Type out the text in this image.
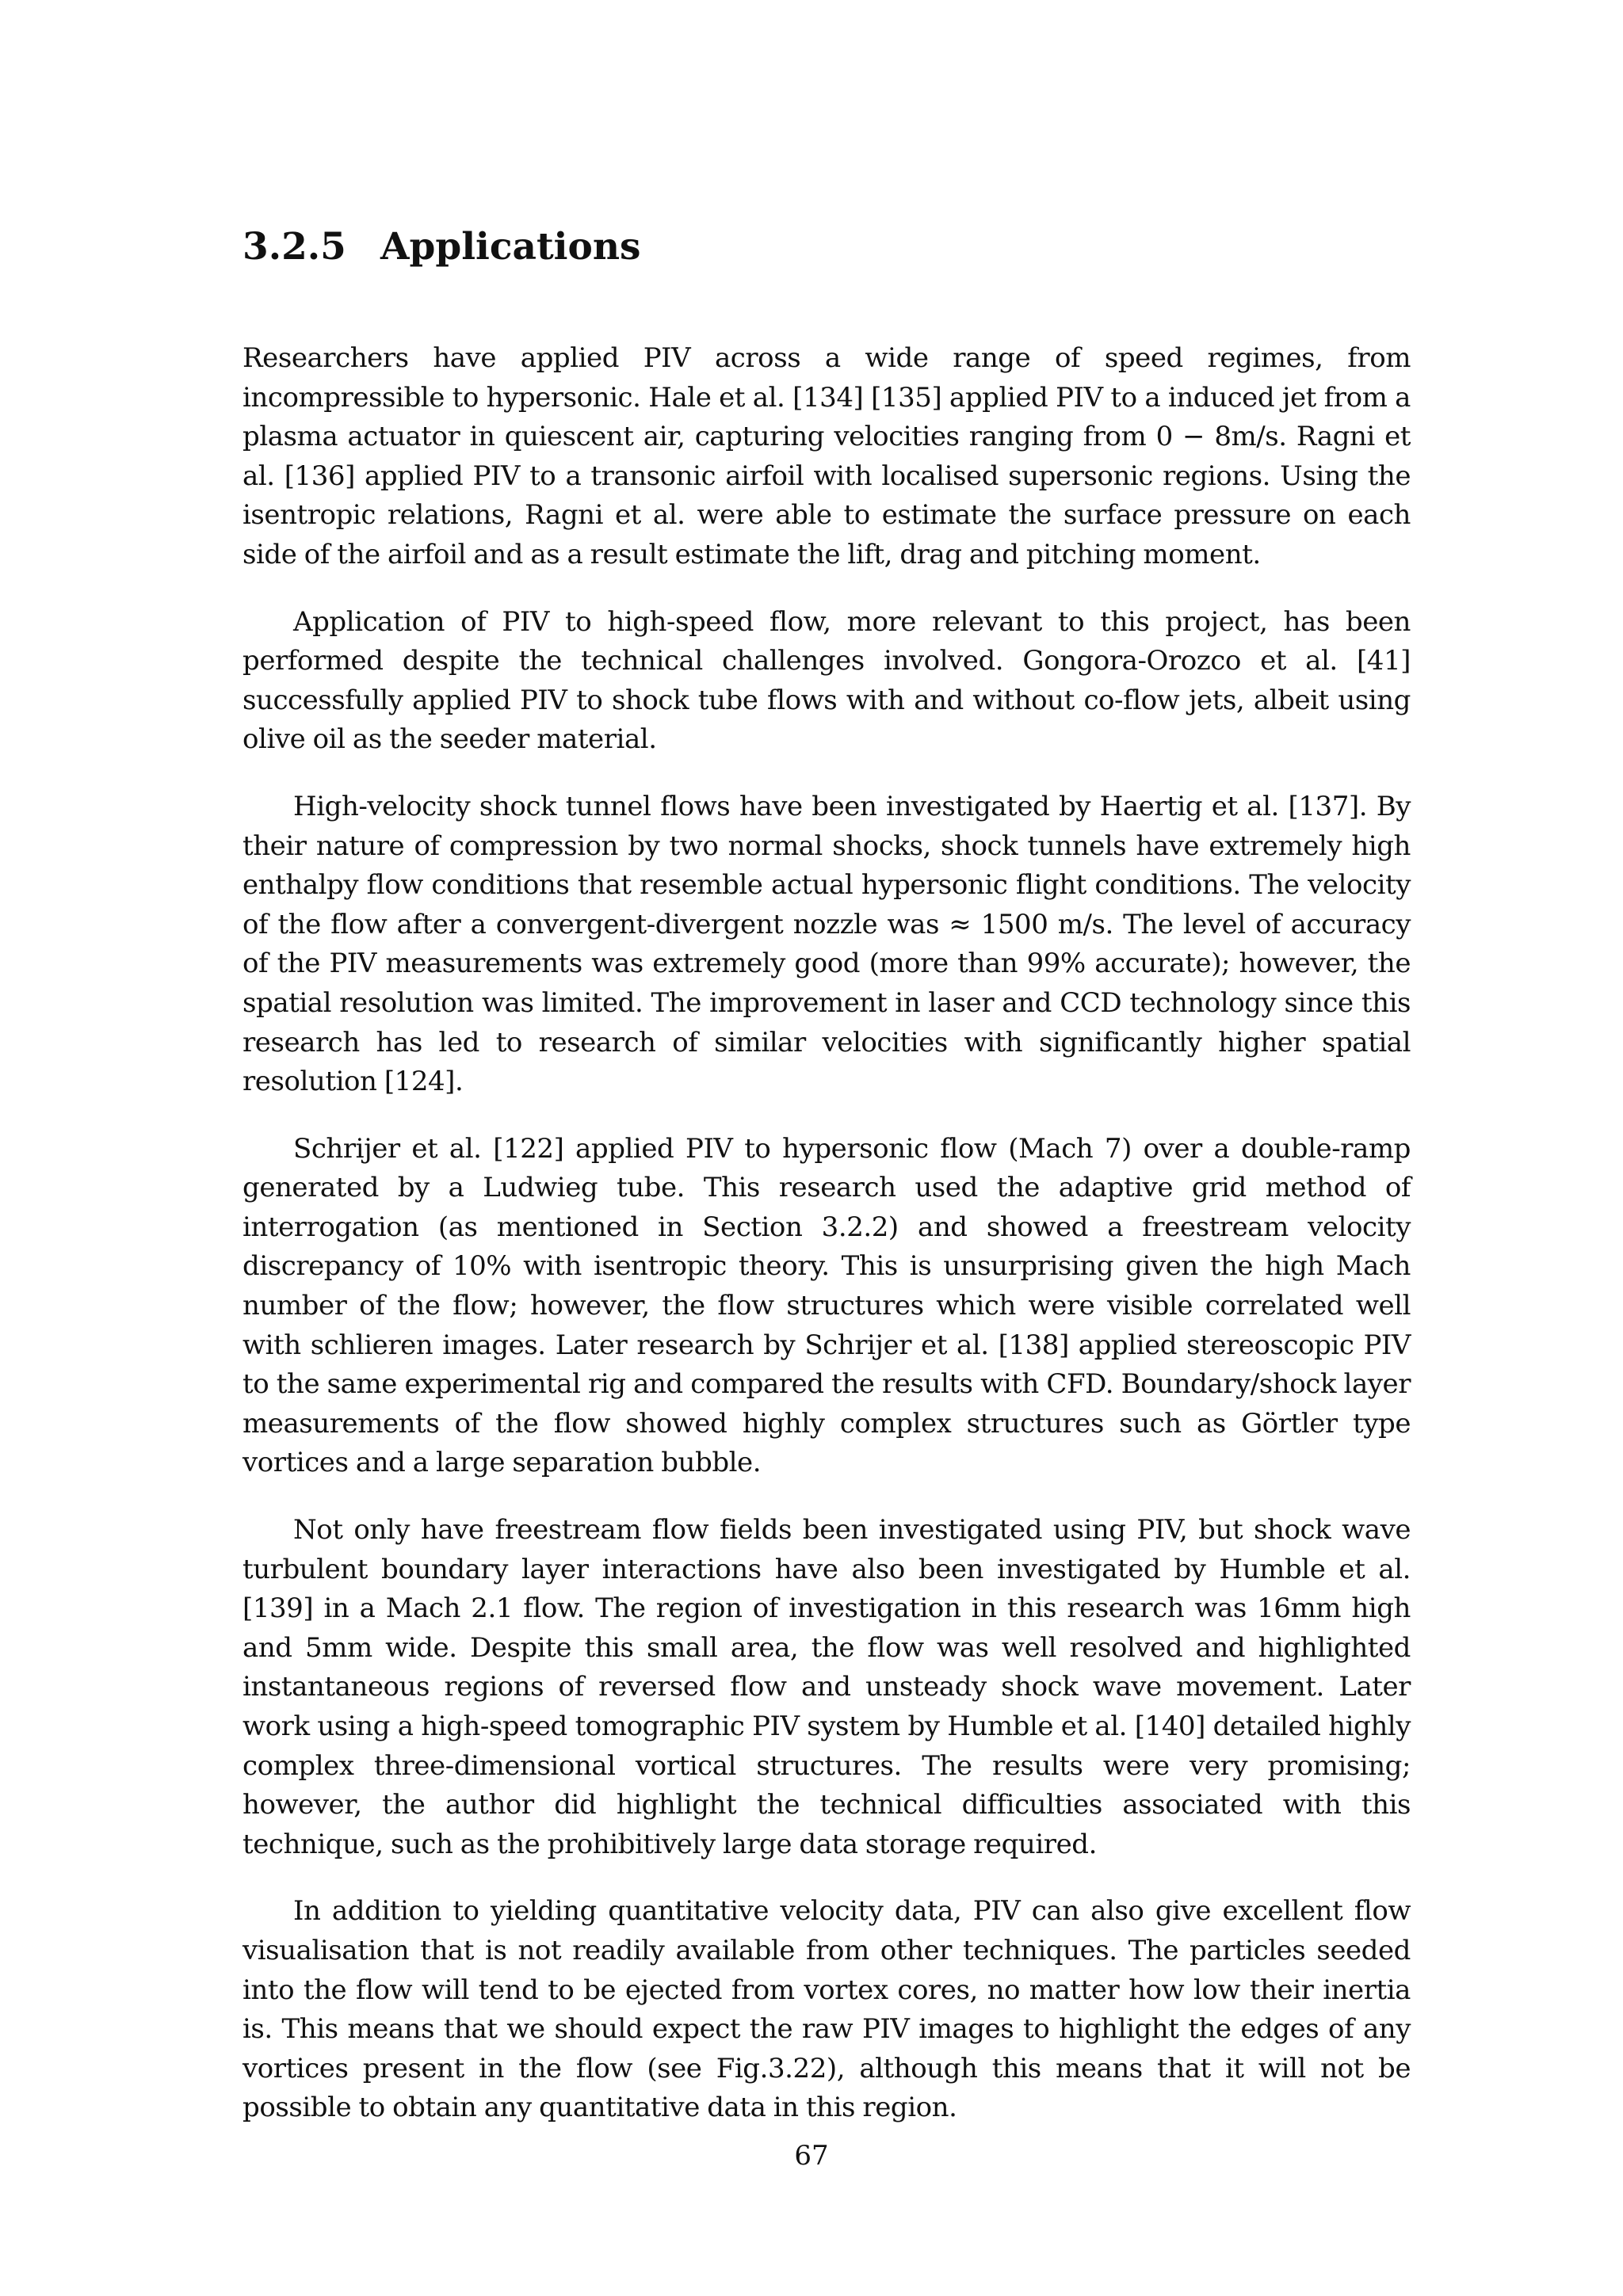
3.2.5 Applications

Researchers have applied PIV across a wide range of speed regimes, from incompressible to hypersonic. Hale et al. [134] [135] applied PIV to a induced jet from a plasma actuator in quiescent air, capturing velocities ranging from 0 − 8m/s. Ragni et al. [136] applied PIV to a transonic airfoil with localised supersonic regions. Using the isentropic relations, Ragni et al. were able to estimate the surface pressure on each side of the airfoil and as a result estimate the lift, drag and pitching moment.

Application of PIV to high-speed flow, more relevant to this project, has been performed despite the technical challenges involved. Gongora-Orozco et al. [41] successfully applied PIV to shock tube flows with and without co-flow jets, albeit using olive oil as the seeder material.

High-velocity shock tunnel flows have been investigated by Haertig et al. [137]. By their nature of compression by two normal shocks, shock tunnels have extremely high enthalpy flow conditions that resemble actual hypersonic flight conditions. The velocity of the flow after a convergent-divergent nozzle was ≈ 1500 m/s. The level of accuracy of the PIV measurements was extremely good (more than 99% accurate); however, the spatial resolution was limited. The improvement in laser and CCD technology since this research has led to research of similar velocities with significantly higher spatial resolution [124].

Schrijer et al. [122] applied PIV to hypersonic flow (Mach 7) over a double-ramp generated by a Ludwieg tube. This research used the adaptive grid method of interrogation (as mentioned in Section 3.2.2) and showed a freestream velocity discrepancy of 10% with isentropic theory. This is unsurprising given the high Mach number of the flow; however, the flow structures which were visible correlated well with schlieren images. Later research by Schrijer et al. [138] applied stereoscopic PIV to the same experimental rig and compared the results with CFD. Boundary/shock layer measurements of the flow showed highly complex structures such as Görtler type vortices and a large separation bubble.

Not only have freestream flow fields been investigated using PIV, but shock wave turbulent boundary layer interactions have also been investigated by Humble et al. [139] in a Mach 2.1 flow. The region of investigation in this research was 16mm high and 5mm wide. Despite this small area, the flow was well resolved and highlighted instantaneous regions of reversed flow and unsteady shock wave movement. Later work using a high-speed tomographic PIV system by Humble et al. [140] detailed highly complex three-dimensional vortical structures. The results were very promising; however, the author did highlight the technical difficulties associated with this technique, such as the prohibitively large data storage required.

In addition to yielding quantitative velocity data, PIV can also give excellent flow visualisation that is not readily available from other techniques. The particles seeded into the flow will tend to be ejected from vortex cores, no matter how low their inertia is. This means that we should expect the raw PIV images to highlight the edges of any vortices present in the flow (see Fig.3.22), although this means that it will not be possible to obtain any quantitative data in this region.

67
